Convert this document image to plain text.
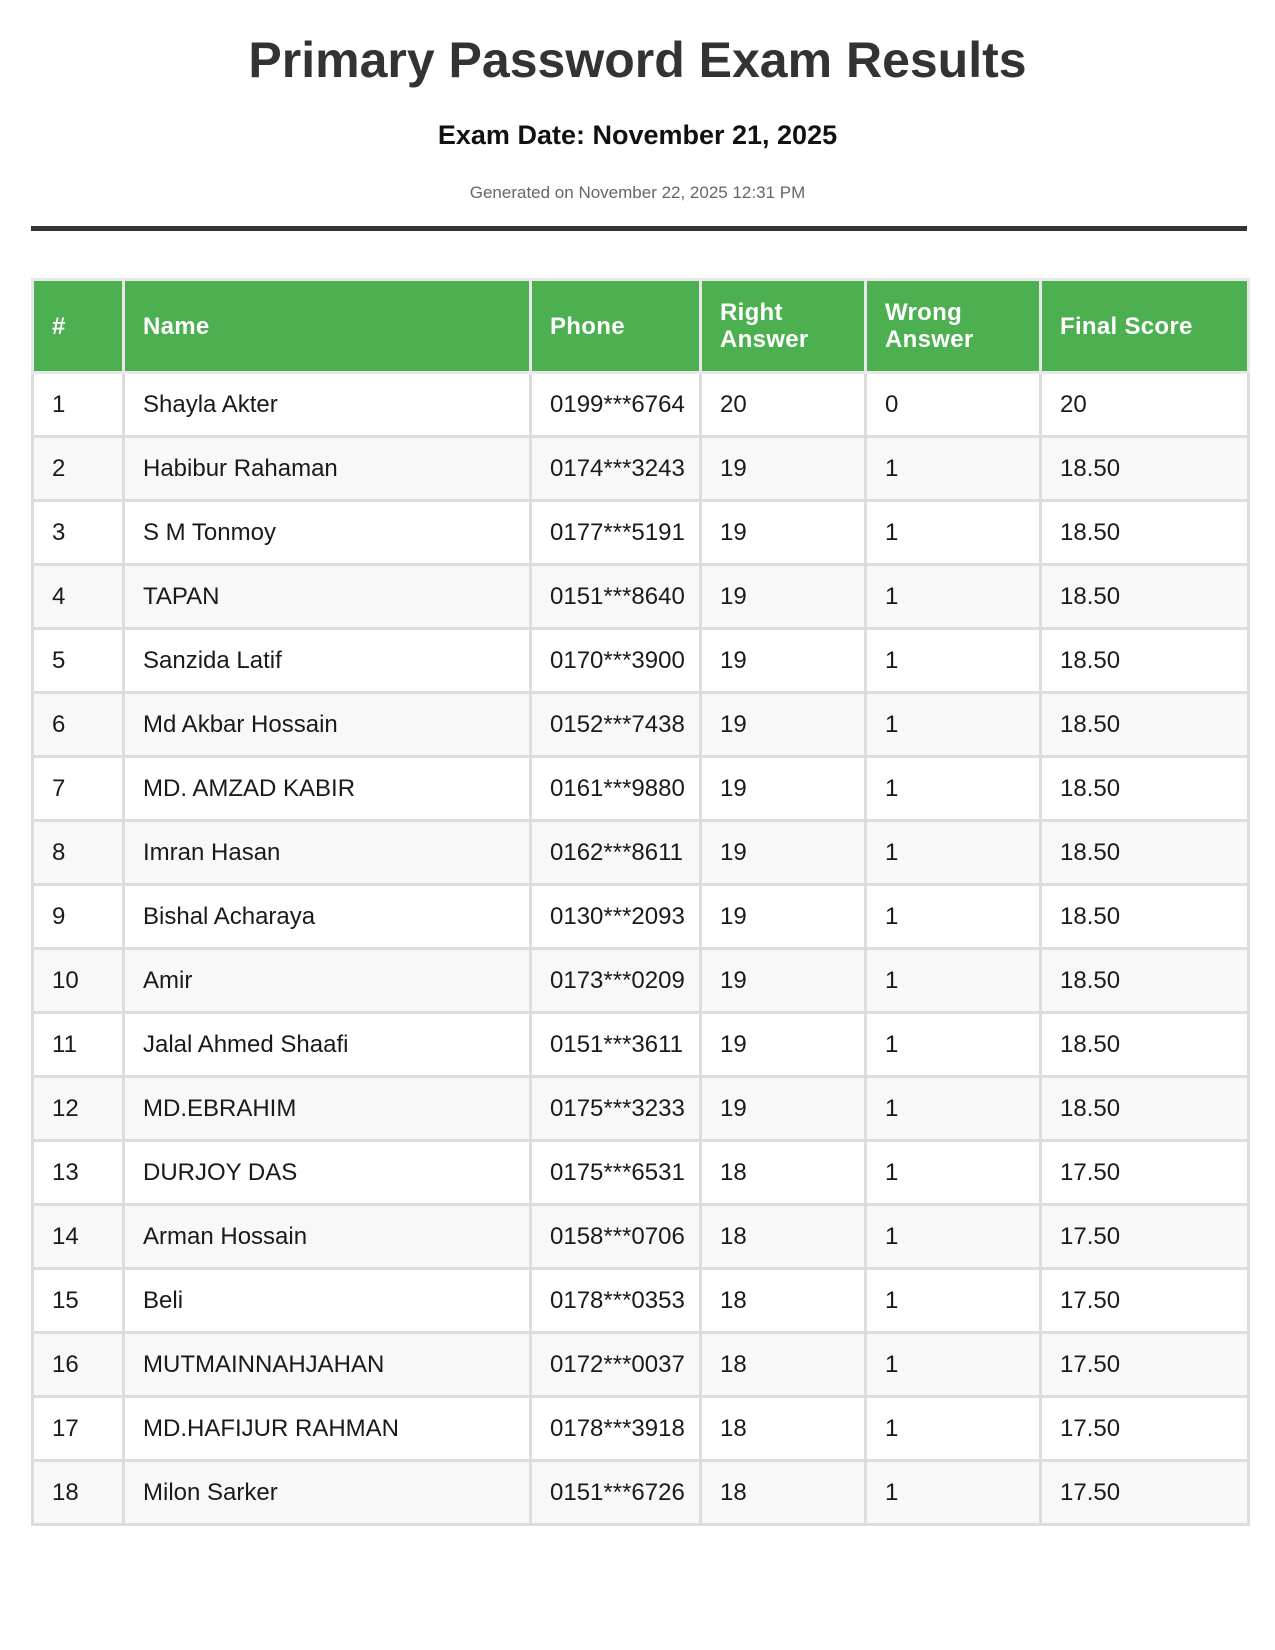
Primary Password Exam Results
Exam Date: November 21, 2025

Generated on November 22, 2025 12:31 PM

#	Name	Phone	Right Answer	Wrong Answer	Final Score
1	Shayla Akter	0199***6764	20	0	20
2	Habibur Rahaman	0174***3243	19	1	18.50
3	S M Tonmoy	0177***5191	19	1	18.50
4	TAPAN	0151***8640	19	1	18.50
5	Sanzida Latif	0170***3900	19	1	18.50
6	Md Akbar Hossain	0152***7438	19	1	18.50
7	MD. AMZAD KABIR	0161***9880	19	1	18.50
8	Imran Hasan	0162***8611	19	1	18.50
9	Bishal Acharaya	0130***2093	19	1	18.50
10	Amir	0173***0209	19	1	18.50
11	Jalal Ahmed Shaafi	0151***3611	19	1	18.50
12	MD.EBRAHIM	0175***3233	19	1	18.50
13	DURJOY DAS	0175***6531	18	1	17.50
14	Arman Hossain	0158***0706	18	1	17.50
15	Beli	0178***0353	18	1	17.50
16	MUTMAINNAHJAHAN	0172***0037	18	1	17.50
17	MD.HAFIJUR RAHMAN	0178***3918	18	1	17.50
18	Milon Sarker	0151***6726	18	1	17.50
